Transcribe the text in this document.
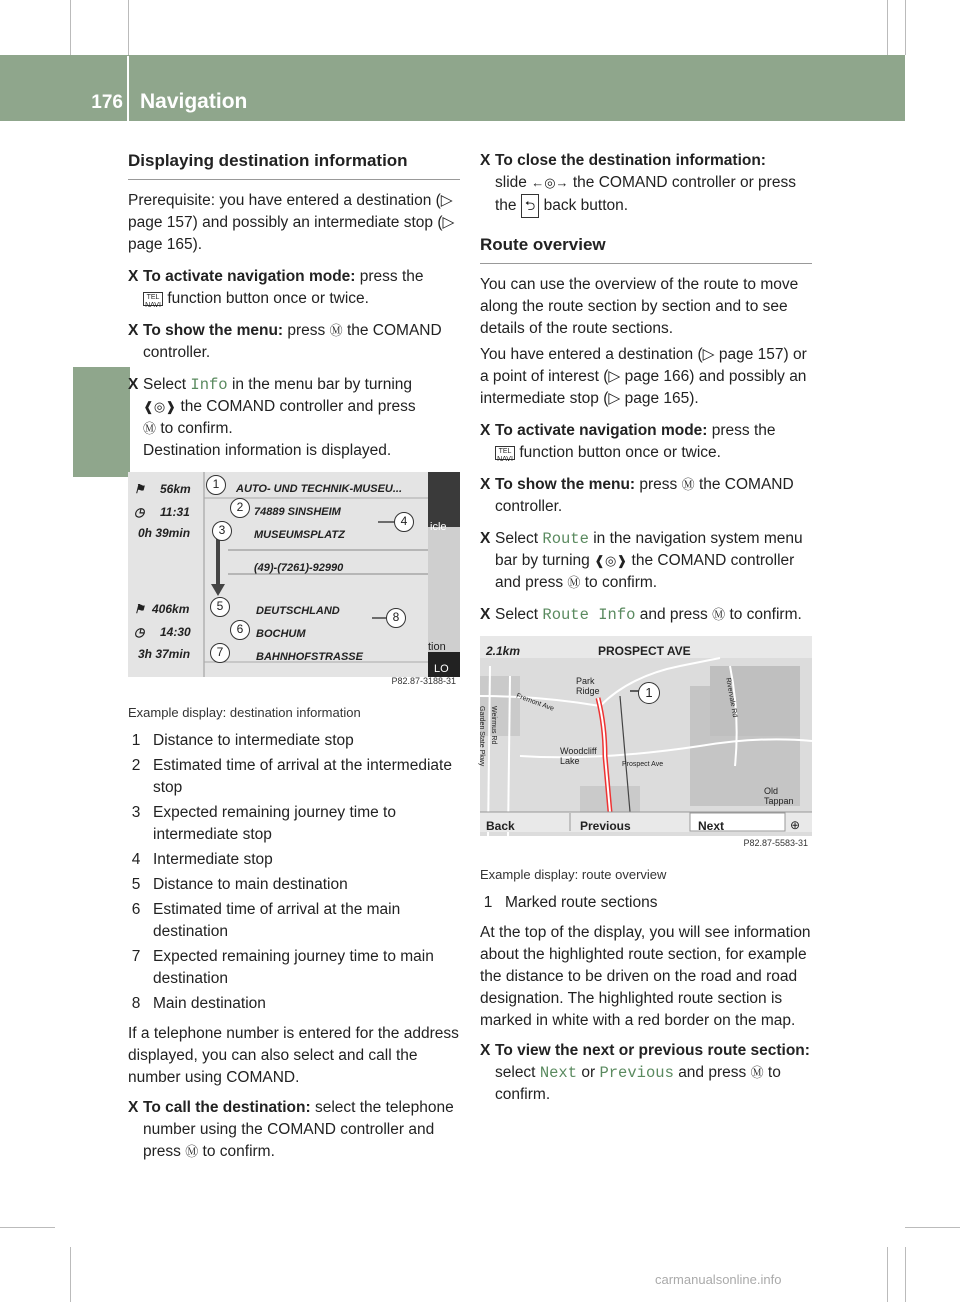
176 Navigation
COMAND
Displaying destination information

Prerequisite: you have entered a destination (▷ page 157) and possibly an intermediate stop (▷ page 165).

X To activate navigation mode: press the
TEL NAVI function button once or twice.
X To show the menu: press Ⓜ the COMAND controller.
X Select Info in the menu bar by turning
❰◎❱ the COMAND controller and press
Ⓜ to confirm.
Destination information is displayed.
56km
11:31
0h 39min
⚑
◷
AUTO- UND TECHNIK-MUSEU...
74889 SINSHEIM
MUSEUMSPLATZ
(49)-(7261)-92990
406km
14:30
3h 37min
⚑
◷
DEUTSCHLAND
BOCHUM
BAHNHOFSTRASSE
icle
tion
LO
1
2
3
4
5
6
7
8
P82.87-3188-31
Example display: destination information
1 Distance to intermediate stop
2 Estimated time of arrival at the intermediate stop
3 Expected remaining journey time to intermediate stop
4 Intermediate stop
5 Distance to main destination
6 Estimated time of arrival at the main destination
7 Expected remaining journey time to main destination
8 Main destination

If a telephone number is entered for the address displayed, you can also select and call the number using COMAND.

X To call the destination: select the telephone number using the COMAND controller and press Ⓜ to confirm.
X To close the destination information:
slide ←◎→ the COMAND controller or press the ⮌ back button.
Route overview

You can use the overview of the route to move along the route section by section and to see details of the route sections.

You have entered a destination (▷ page 157) or a point of interest (▷ page 166) and possibly an intermediate stop (▷ page 165).

X To activate navigation mode: press the
TEL NAVI function button once or twice.
X To show the menu: press Ⓜ the COMAND controller.
X Select Route in the navigation system menu bar by turning ❰◎❱ the COMAND controller and press Ⓜ to confirm.
X Select Route Info and press Ⓜ to confirm.
2.1km	PROSPECT AVE
Park Ridge
Woodcliff Lake
Old Tappan
Fremont Ave
Prospect Ave
Weirmus Rd
Garden State Pkwy
Rivervale Rd
1
Back	Previous	Next	⊕
P82.87-5583-31
Example display: route overview
1 Marked route sections

At the top of the display, you will see information about the highlighted route section, for example the distance to be driven on the road and road designation. The highlighted route section is marked in white with a red border on the map.

X To view the next or previous route section: select Next or Previous and press Ⓜ to confirm.
carmanualsonline.info
